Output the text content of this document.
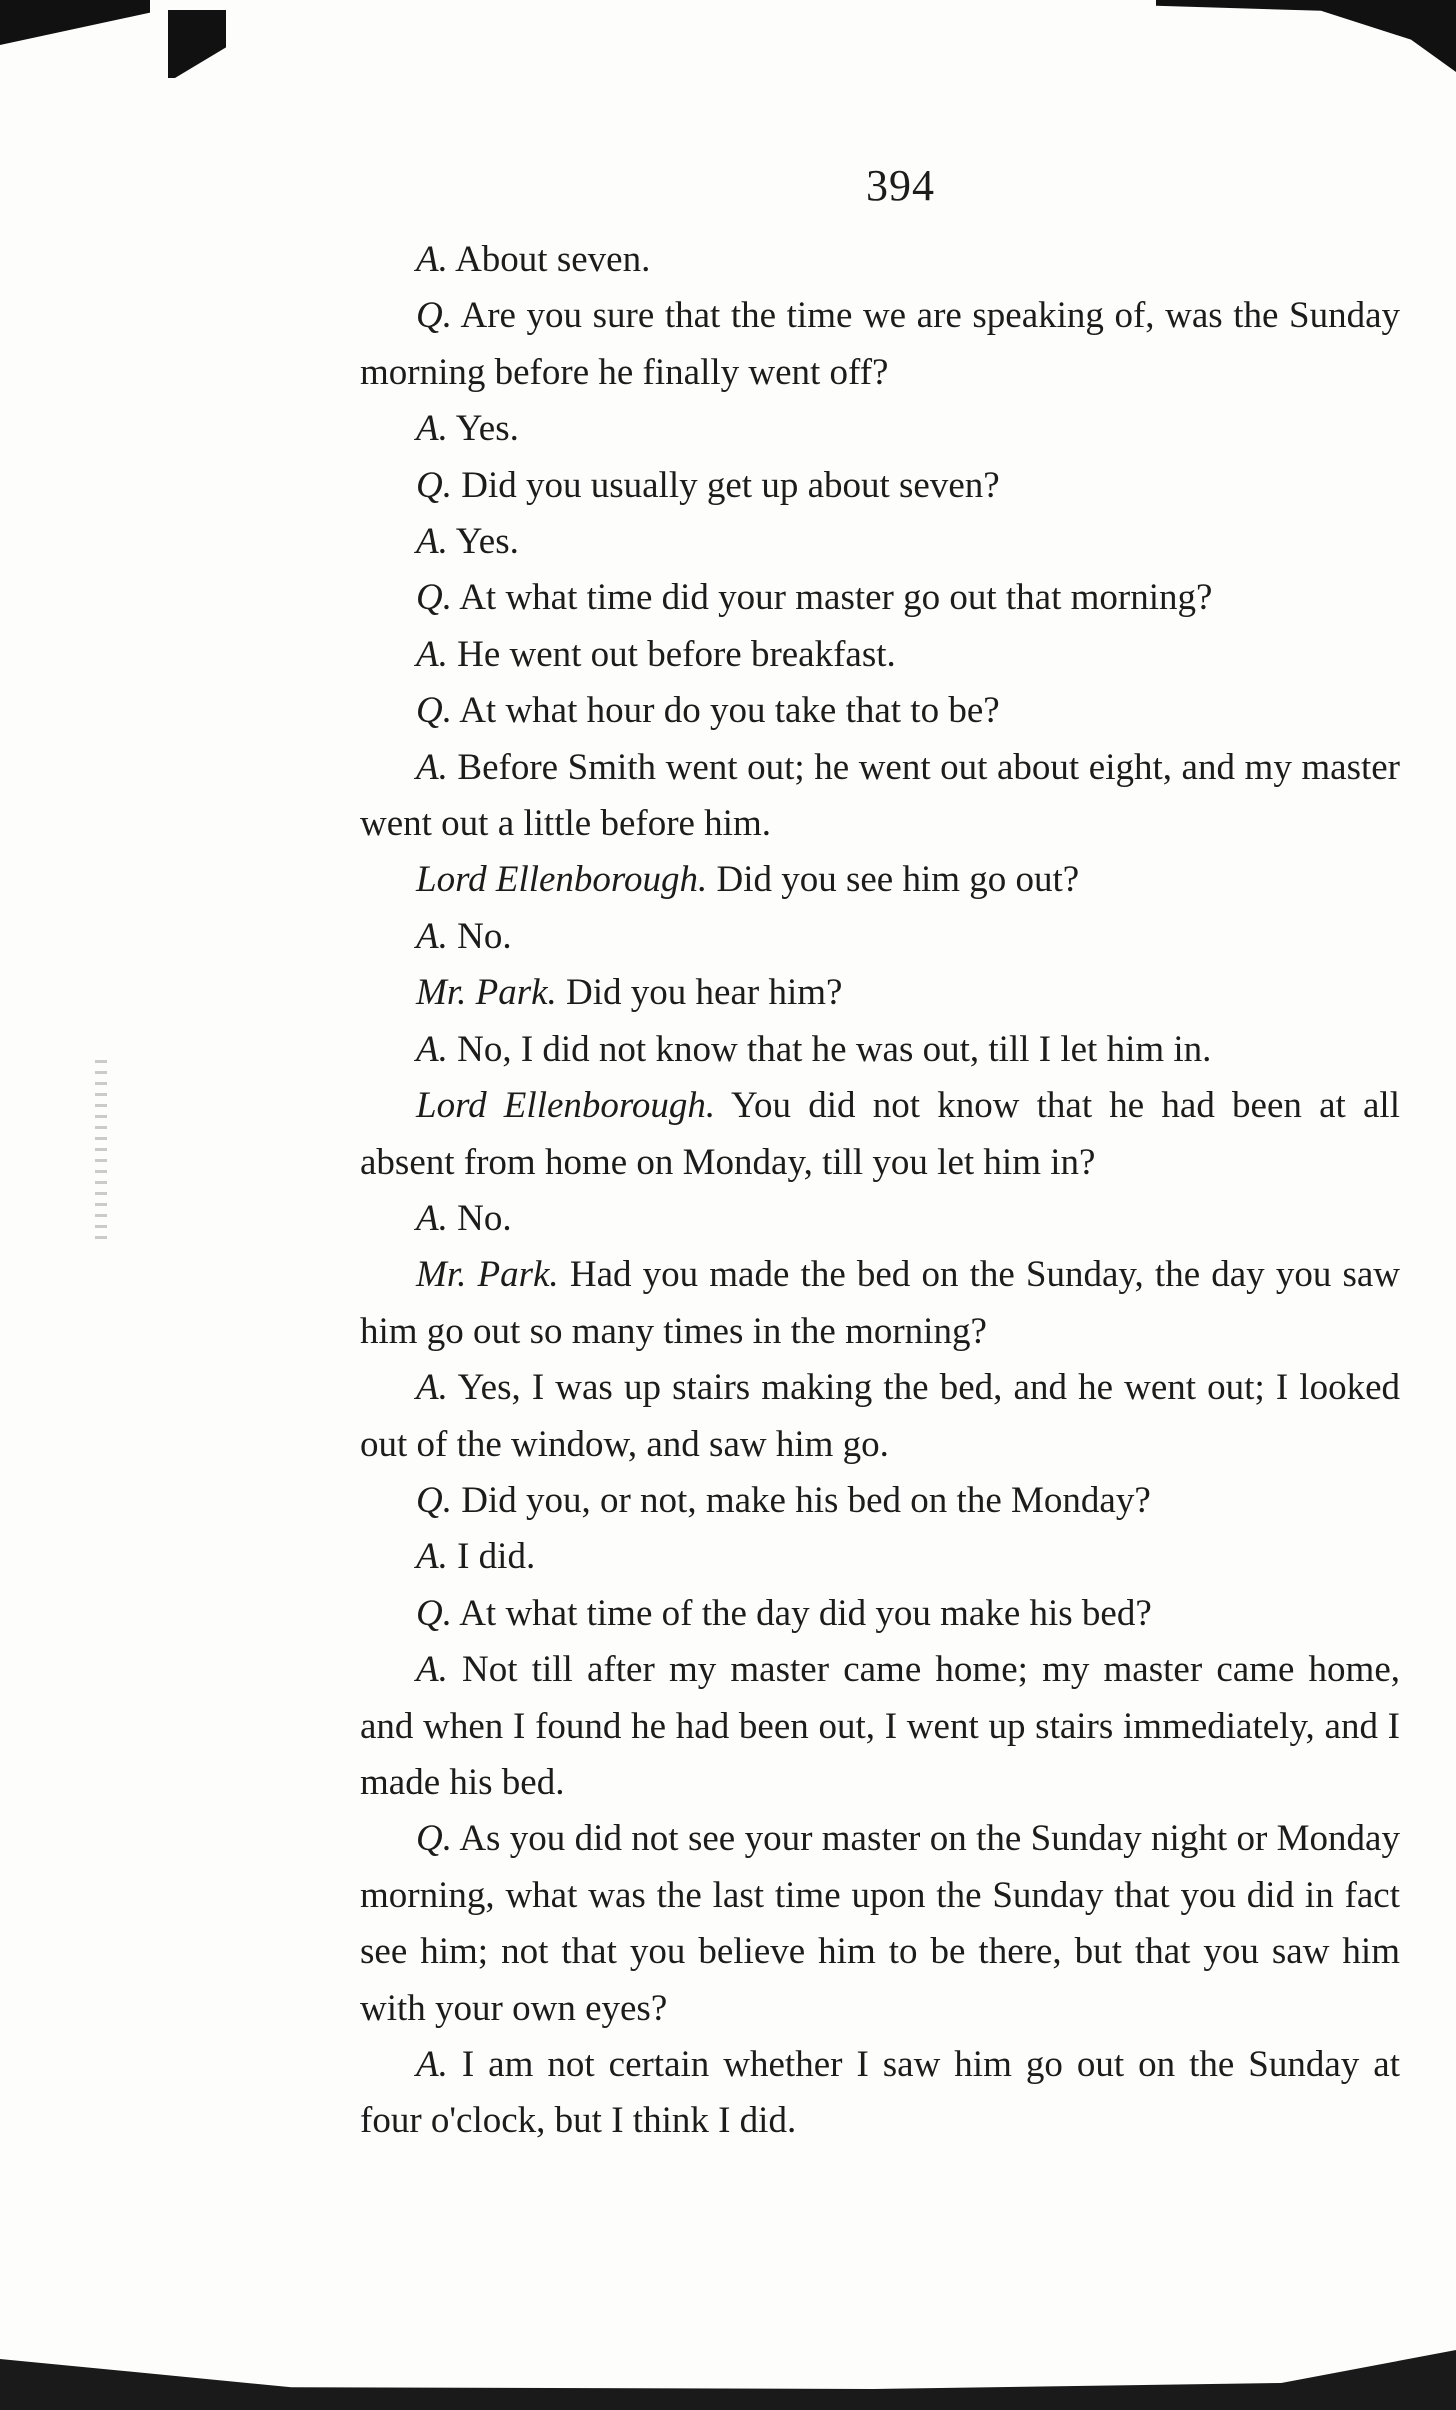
394

A. About seven.

Q. Are you sure that the time we are speaking of, was the Sunday morning before he finally went off?

A. Yes.

Q. Did you usually get up about seven?

A. Yes.

Q. At what time did your master go out that morning?

A. He went out before breakfast.

Q. At what hour do you take that to be?

A. Before Smith went out; he went out about eight, and my master went out a little before him.

Lord Ellenborough. Did you see him go out?

A. No.

Mr. Park. Did you hear him?

A. No, I did not know that he was out, till I let him in.

Lord Ellenborough. You did not know that he had been at all absent from home on Monday, till you let him in?

A. No.

Mr. Park. Had you made the bed on the Sunday, the day you saw him go out so many times in the morning?

A. Yes, I was up stairs making the bed, and he went out; I looked out of the window, and saw him go.

Q. Did you, or not, make his bed on the Monday?

A. I did.

Q. At what time of the day did you make his bed?

A. Not till after my master came home; my master came home, and when I found he had been out, I went up stairs immediately, and I made his bed.

Q. As you did not see your master on the Sunday night or Monday morning, what was the last time upon the Sunday that you did in fact see him; not that you believe him to be there, but that you saw him with your own eyes?

A. I am not certain whether I saw him go out on the Sunday at four o'clock, but I think I did.
